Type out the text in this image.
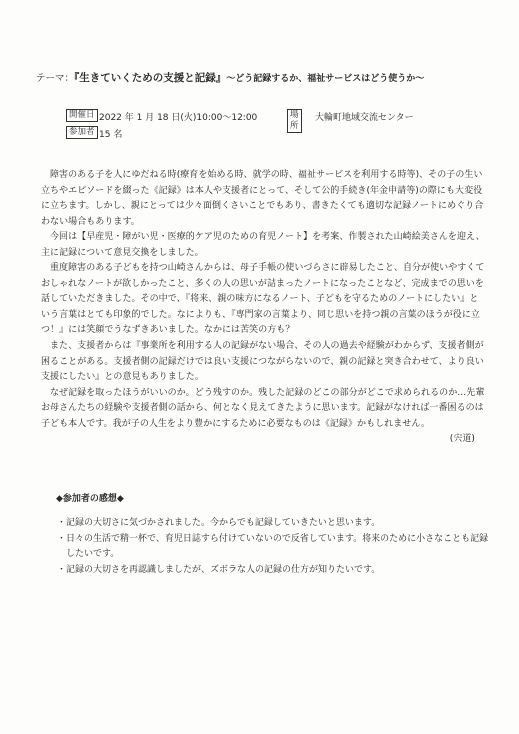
テーマ：『生きていくための支援と記録』～どう記録するか、福祉サービスはどう使うか～
開催日 2022 年 1 月 18 日(火)10:00～12:00	場所
大輪町地域交流センター
参加者 15 名

障害のある子を人にゆだねる時(療育を始める時、就学の時、福祉サービスを利用する時等)、その子の生い立ちやエピソードを綴った《記録》は本人や支援者にとって、そして公的手続き(年金申請等)の際にも大変役に立ちます。しかし、親にとっては少々面倒くさいことでもあり、書きたくても適切な記録ノートにめぐり合わない場合もあります。

今回は【早産児・障がい児・医療的ケア児のための育児ノート】を考案、作製された山崎絵美さんを迎え、主に記録について意見交換をしました。

重度障害のある子どもを持つ山崎さんからは、母子手帳の使いづらさに辟易したこと、自分が使いやすくておしゃれなノートが欲しかったこと、多くの人の思いが詰まったノートになったことなど、完成までの思いを話していただきました。その中で、『将来、親の味方になるノート、子どもを守るためのノートにしたい』という言葉はとても印象的でした。なによりも、『専門家の言葉より、同じ思いを持つ親の言葉のほうが役に立つ！』には笑顔でうなずきあいました。なかには苦笑の方も？

また、支援者からは『事業所を利用する人の記録がない場合、その人の過去や経験がわからず、支援者側が困ることがある。支援者側の記録だけでは良い支援につながらないので、親の記録と突き合わせて、より良い支援にしたい』との意見もありました。

なぜ記録を取ったほうがいいのか。どう残すのか。残した記録のどこの部分がどこで求められるのか…先輩お母さんたちの経験や支援者側の話から、何となく見えてきたように思います。記録がなければ一番困るのは子ども本人です。我が子の人生をより豊かにするために必要なものは《記録》かもしれません。

(宍道)

◆参加者の感想◆
・記録の大切さに気づかされました。今からでも記録していきたいと思います。
・日々の生活で精一杯で、育児日誌すら付けていないので反省しています。将来のために小さなことも記録したいです。
・記録の大切さを再認識しましたが、ズボラな人の記録の仕方が知りたいです。
